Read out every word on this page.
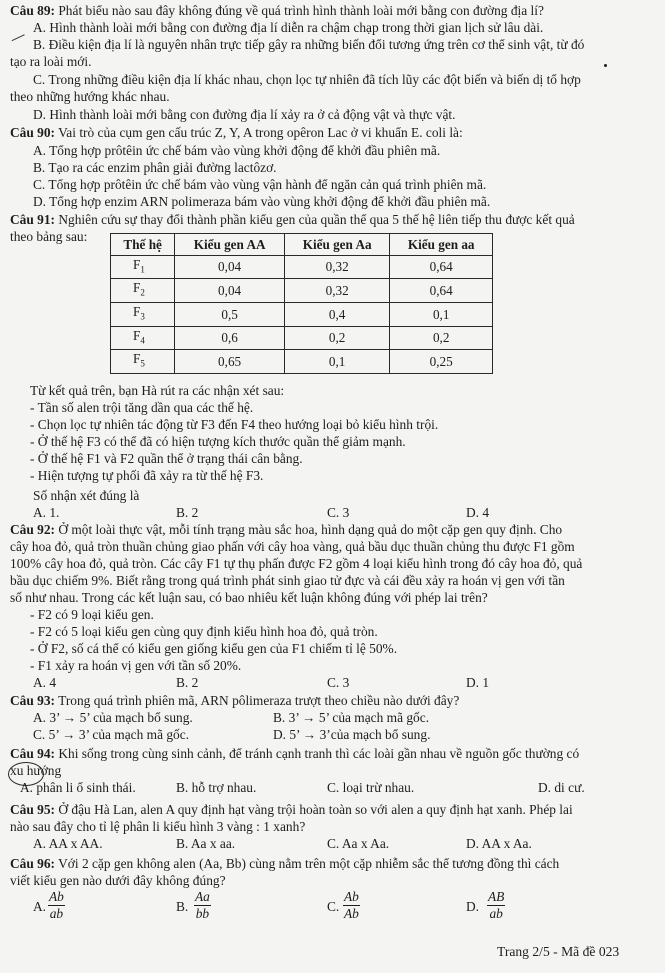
Câu 89: Phát biểu nào sau đây không đúng về quá trình hình thành loài mới bằng con đường địa lí?
A. Hình thành loài mới bằng con đường địa lí diễn ra chậm chạp trong thời gian lịch sử lâu dài.
B. Điều kiện địa lí là nguyên nhân trực tiếp gây ra những biến đổi tương ứng trên cơ thể sinh vật, từ đó
tạo ra loài mới.
C. Trong những điều kiện địa lí khác nhau, chọn lọc tự nhiên đã tích lũy các đột biến và biến dị tổ hợp
theo những hướng khác nhau.
D. Hình thành loài mới bằng con đường địa lí xảy ra ở cả động vật và thực vật.
Câu 90: Vai trò của cụm gen cấu trúc Z, Y, A trong opêron Lac ở vi khuẩn E. coli là:
A. Tổng hợp prôtêin ức chế bám vào vùng khởi động để khởi đầu phiên mã.
B. Tạo ra các enzim phân giải đường lactôzơ.
C. Tổng hợp prôtêin ức chế bám vào vùng vận hành để ngăn cản quá trình phiên mã.
D. Tổng hợp enzim ARN polimeraza bám vào vùng khởi động để khởi đầu phiên mã.
Câu 91: Nghiên cứu sự thay đổi thành phần kiểu gen của quần thể qua 5 thế hệ liên tiếp thu được kết quả
theo bảng sau:
Thế hệ	Kiểu gen AA	Kiểu gen Aa	Kiểu gen aa
$F_1$	0,04	0,32	0,64
$F_2$	0,04	0,32	0,64
$F_3$	0,5	0,4	0,1
$F_4$	0,6	0,2	0,2
$F_5$	0,65	0,1	0,25
Từ kết quả trên, bạn Hà rút ra các nhận xét sau:
- Tần số alen trội tăng dần qua các thế hệ.
- Chọn lọc tự nhiên tác động từ F3 đến F4 theo hướng loại bỏ kiểu hình trội.
- Ở thế hệ F3 có thể đã có hiện tượng kích thước quần thể giảm mạnh.
- Ở thế hệ F1 và F2 quần thể ở trạng thái cân bằng.
- Hiện tượng tự phối đã xảy ra từ thế hệ F3.
Số nhận xét đúng là
A. 1.	B. 2	C. 3	D. 4
Câu 92: Ở một loài thực vật, mỗi tính trạng màu sắc hoa, hình dạng quả do một cặp gen quy định. Cho
cây hoa đỏ, quả tròn thuần chủng giao phấn với cây hoa vàng, quả bầu dục thuần chủng thu được F1 gồm
100% cây hoa đỏ, quả tròn. Các cây F1 tự thụ phấn được F2 gồm 4 loại kiểu hình trong đó cây hoa đỏ, quả
bầu dục chiếm 9%. Biết rằng trong quá trình phát sinh giao tử đực và cái đều xảy ra hoán vị gen với tần
số như nhau. Trong các kết luận sau, có bao nhiêu kết luận không đúng với phép lai trên?
- F2 có 9 loại kiểu gen.
- F2 có 5 loại kiểu gen cùng quy định kiểu hình hoa đỏ, quả tròn.
- Ở F2, số cá thể có kiểu gen giống kiểu gen của F1 chiếm tỉ lệ 50%.
- F1 xảy ra hoán vị gen với tần số 20%.
A. 4	B. 2	C. 3	D. 1
Câu 93: Trong quá trình phiên mã, ARN pôlimeraza trượt theo chiều nào dưới đây?
A. 3’ → 5’ của mạch bổ sung.	B. 3’ → 5’ của mạch mã gốc.
C. 5’ → 3’ của mạch mã gốc.	D. 5’ → 3’của mạch bổ sung.
Câu 94: Khi sống trong cùng sinh cảnh, để tránh cạnh tranh thì các loài gần nhau về nguồn gốc thường có
xu hướng
A. phân li ổ sinh thái.	B. hỗ trợ nhau.	C. loại trừ nhau.	D. di cư.
Câu 95: Ở đậu Hà Lan, alen A quy định hạt vàng trội hoàn toàn so với alen a quy định hạt xanh. Phép lai
nào sau đây cho tỉ lệ phân li kiểu hình 3 vàng : 1 xanh?
A. AA x AA.	B. Aa x aa.	C. Aa x Aa.	D. AA x Aa.
Câu 96: Với 2 cặp gen không alen (Aa, Bb) cùng nằm trên một cặp nhiễm sắc thể tương đồng thì cách
viết kiểu gen nào dưới đây không đúng?
A. $\frac{Ab}{ab}$	B. $\frac{Aa}{bb}$	C. $\frac{Ab}{Ab}$	D. $\frac{AB}{ab}$
Trang 2/5 - Mã đề 023
